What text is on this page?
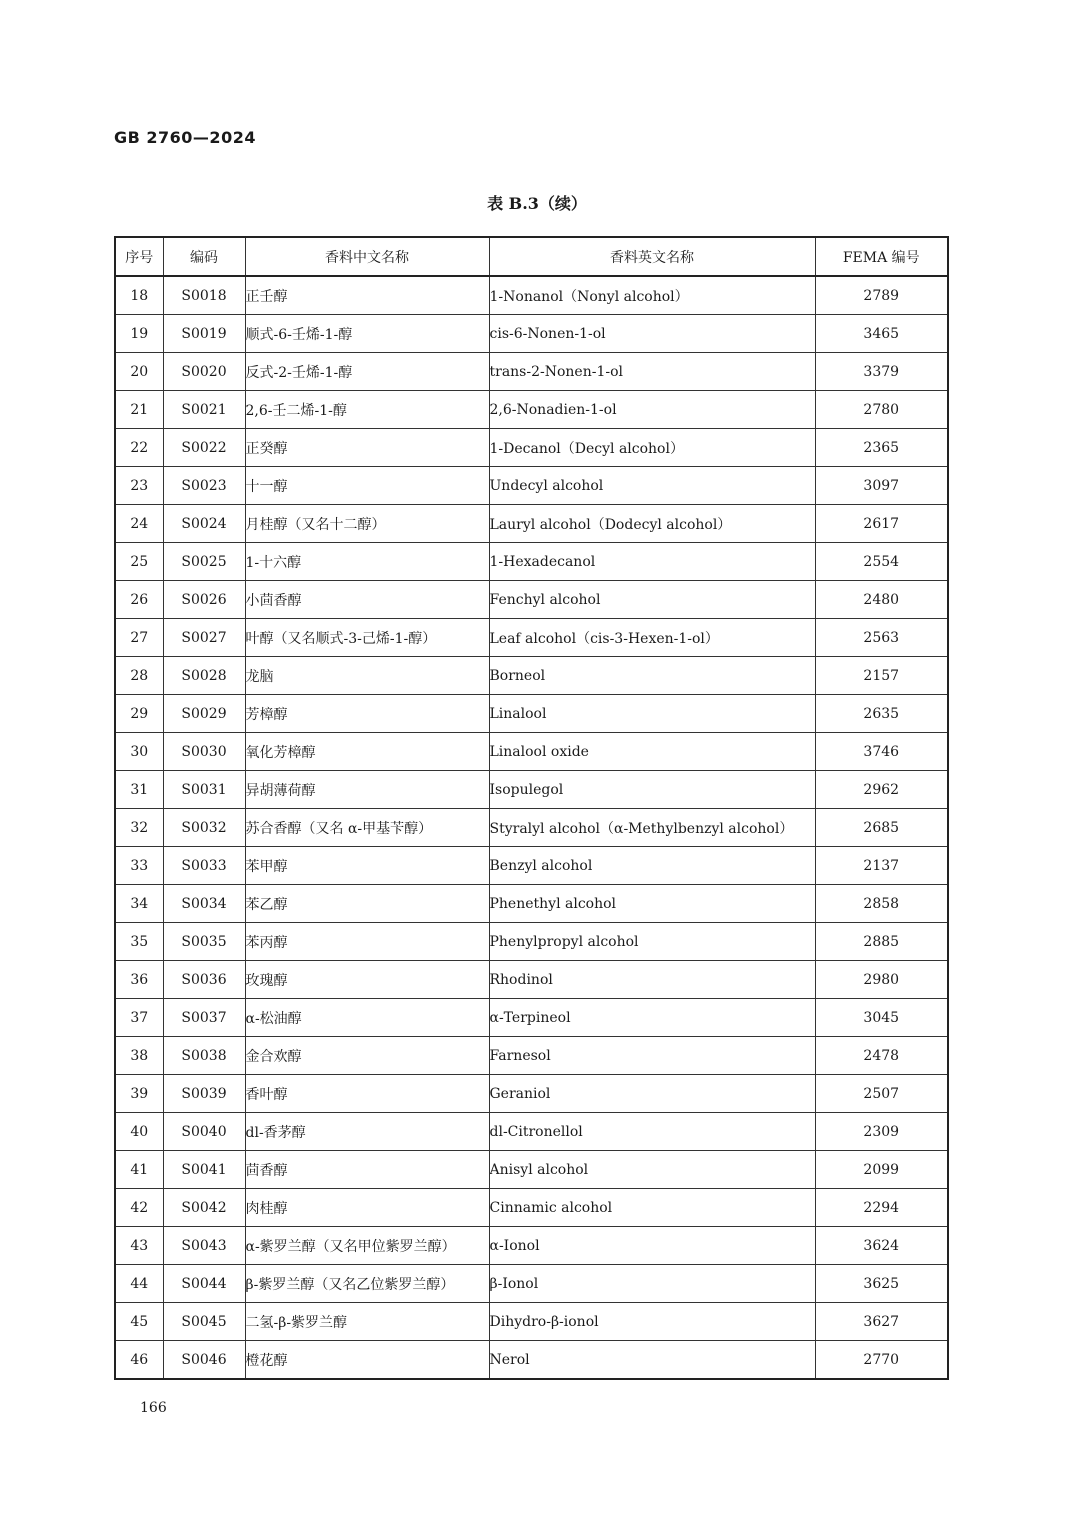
GB 2760—2024
表 B.3（续）
序号	编码	香料中文名称	香料英文名称	FEMA 编号
18	S0018	正壬醇	1-Nonanol（Nonyl alcohol）	2789
19	S0019	顺式-6-壬烯-1-醇	cis-6-Nonen-1-ol	3465
20	S0020	反式-2-壬烯-1-醇	trans-2-Nonen-1-ol	3379
21	S0021	2,6-壬二烯-1-醇	2,6-Nonadien-1-ol	2780
22	S0022	正癸醇	1-Decanol（Decyl alcohol）	2365
23	S0023	十一醇	Undecyl alcohol	3097
24	S0024	月桂醇（又名十二醇）	Lauryl alcohol（Dodecyl alcohol）	2617
25	S0025	1-十六醇	1-Hexadecanol	2554
26	S0026	小茴香醇	Fenchyl alcohol	2480
27	S0027	叶醇（又名顺式-3-己烯-1-醇）	Leaf alcohol（cis-3-Hexen-1-ol）	2563
28	S0028	龙脑	Borneol	2157
29	S0029	芳樟醇	Linalool	2635
30	S0030	氧化芳樟醇	Linalool oxide	3746
31	S0031	异胡薄荷醇	Isopulegol	2962
32	S0032	苏合香醇（又名 α-甲基苄醇）	Styralyl alcohol（α-Methylbenzyl alcohol）	2685
33	S0033	苯甲醇	Benzyl alcohol	2137
34	S0034	苯乙醇	Phenethyl alcohol	2858
35	S0035	苯丙醇	Phenylpropyl alcohol	2885
36	S0036	玫瑰醇	Rhodinol	2980
37	S0037	α-松油醇	α-Terpineol	3045
38	S0038	金合欢醇	Farnesol	2478
39	S0039	香叶醇	Geraniol	2507
40	S0040	dl-香茅醇	dl-Citronellol	2309
41	S0041	茴香醇	Anisyl alcohol	2099
42	S0042	肉桂醇	Cinnamic alcohol	2294
43	S0043	α-紫罗兰醇（又名甲位紫罗兰醇）	α-Ionol	3624
44	S0044	β-紫罗兰醇（又名乙位紫罗兰醇）	β-Ionol	3625
45	S0045	二氢-β-紫罗兰醇	Dihydro-β-ionol	3627
46	S0046	橙花醇	Nerol	2770
166
